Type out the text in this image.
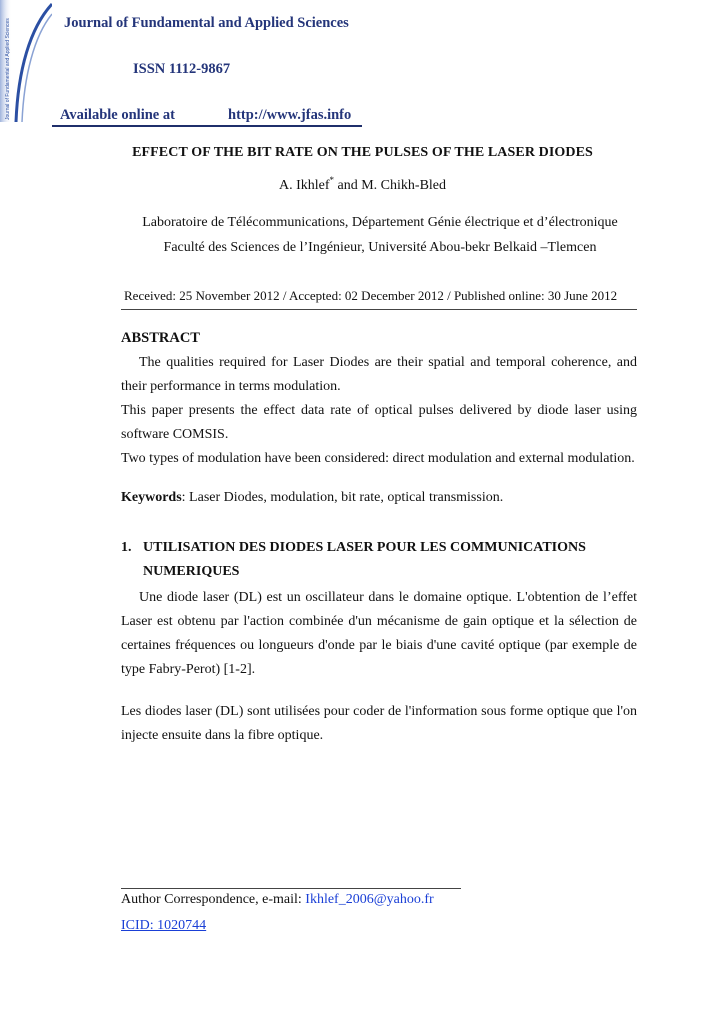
Journal of Fundamental and Applied Sciences	Journal of Fundamental and Applied Sciences
ISSN 1112-9867
Available online at	http://www.jfas.info
EFFECT OF THE BIT RATE ON THE PULSES OF THE LASER DIODES
A. Ikhlef* and M. Chikh-Bled
Laboratoire de Télécommunications, Département Génie électrique et d’électronique
Faculté des Sciences de l’Ingénieur, Université Abou-bekr Belkaid –Tlemcen
Received: 25 November 2012 / Accepted: 02 December 2012 / Published online: 30 June 2012
ABSTRACT
The qualities required for Laser Diodes are their spatial and temporal coherence, and their performance in terms modulation.
This paper presents the effect data rate of optical pulses delivered by diode laser using software COMSIS.
Two types of modulation have been considered: direct modulation and external modulation.
Keywords: Laser Diodes, modulation, bit rate, optical transmission.
1. UTILISATION DES DIODES LASER POUR LES COMMUNICATIONS
NUMERIQUES
Une diode laser (DL) est un oscillateur dans le domaine optique. L'obtention de l’effet Laser est obtenu par l'action combinée d'un mécanisme de gain optique et la sélection de certaines fréquences ou longueurs d'onde par le biais d'une cavité optique (par exemple de type Fabry-Perot) [1-2].
Les diodes laser (DL) sont utilisées pour coder de l'information sous forme optique que l'on injecte ensuite dans la fibre optique.
Author Correspondence, e-mail: Ikhlef_2006@yahoo.fr
ICID: 1020744
